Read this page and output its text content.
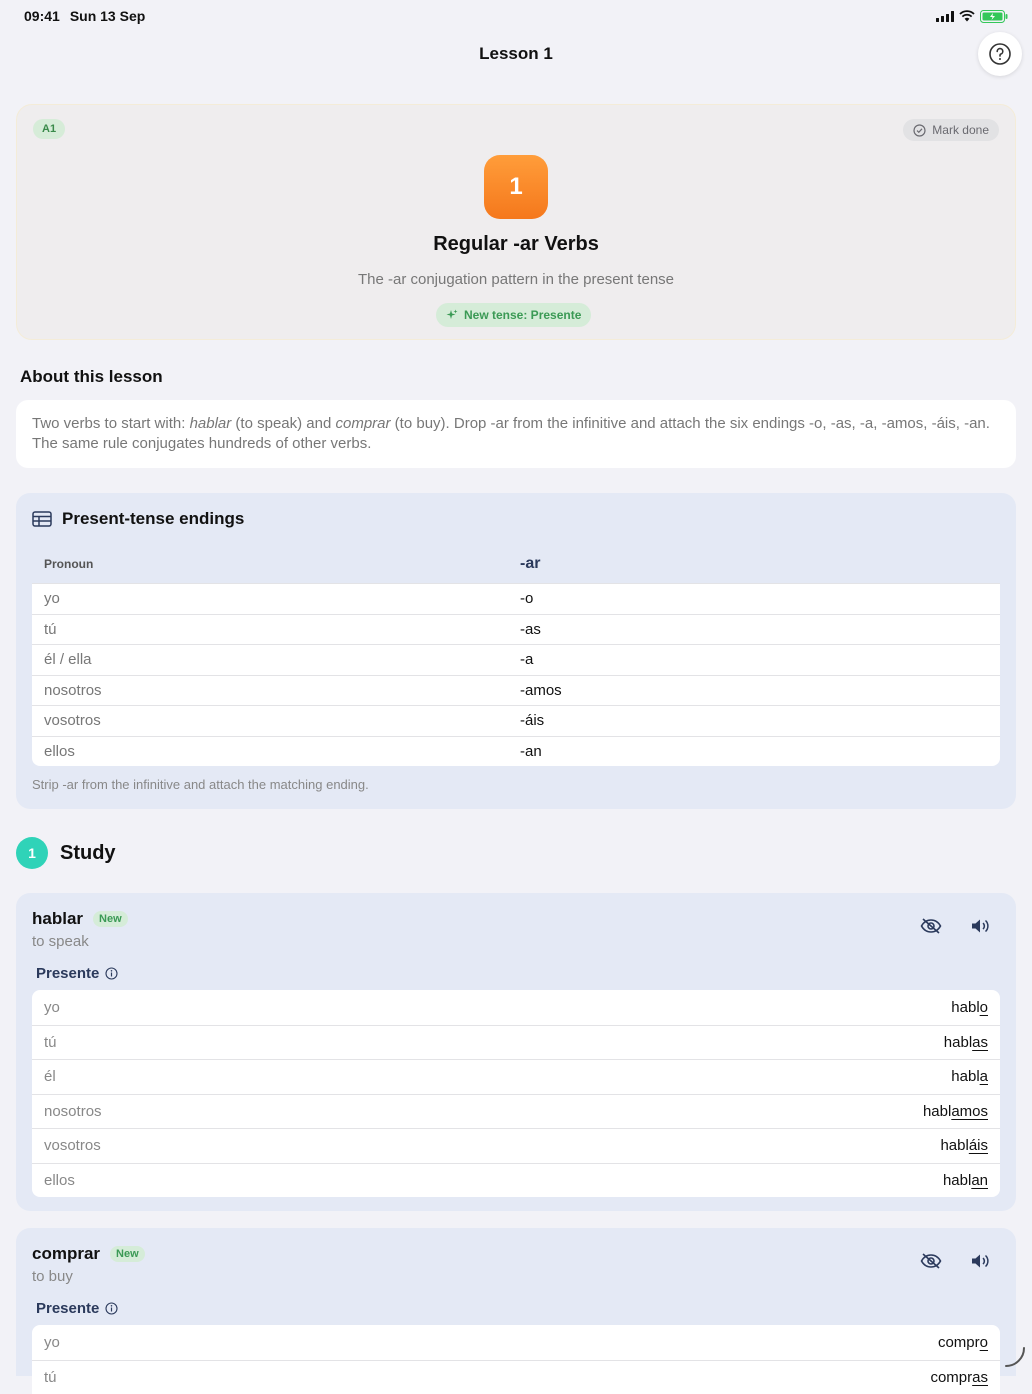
09:41 Sun 13 Sep
Lesson 1
A1	Mark done
1
Regular -ar Verbs
The -ar conjugation pattern in the present tense
New tense: Presente
About this lesson
Two verbs to start with: hablar (to speak) and comprar (to buy). Drop -ar from the infinitive and attach the six endings -o, -as, -a, -amos, -áis, -an. The same rule conjugates hundreds of other verbs.
Present-tense endings
Pronoun	-ar
yo	-o
tú	-as
él / ella	-a
nosotros	-amos
vosotros	-áis
ellos	-an
Strip -ar from the infinitive and attach the matching ending.
1	Study
hablar	New
to speak
Presente
yo	hablo
tú	hablas
él	habla
nosotros	hablamos
vosotros	habláis
ellos	hablan
comprar	New
to buy
Presente
yo	compro
tú	compras
